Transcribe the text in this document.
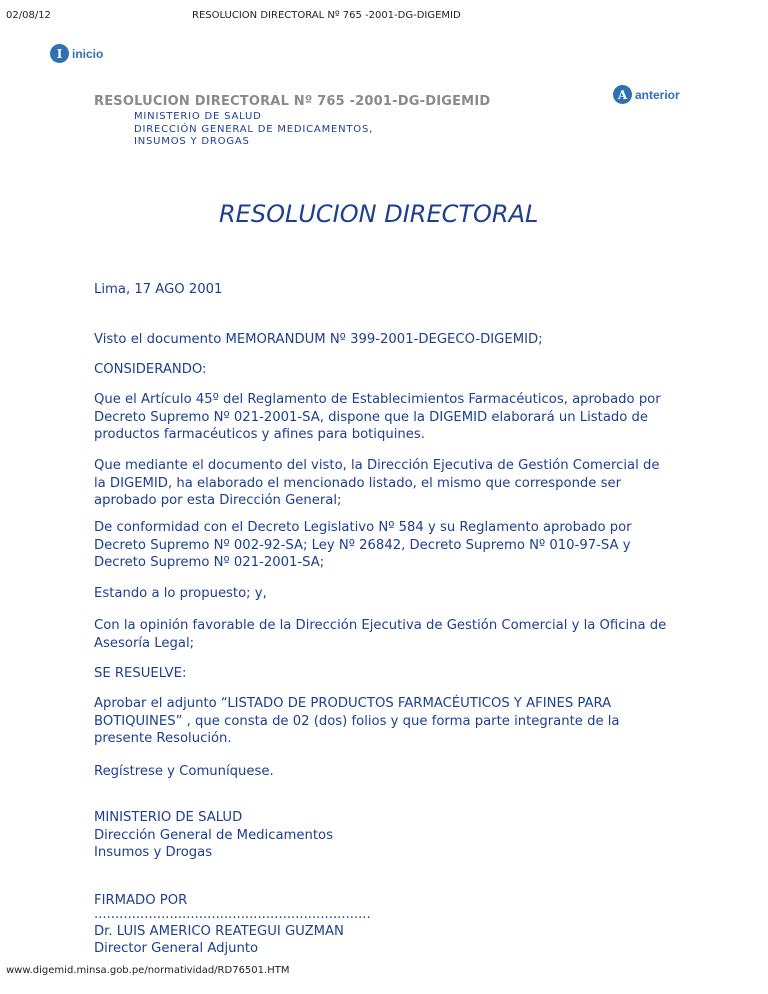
02/08/12	RESOLUCION DIRECTORAL Nº 765 -2001-DG-DIGEMID
I inicio
A anterior
RESOLUCION DIRECTORAL Nº 765 -2001-DG-DIGEMID
MINISTERIO DE SALUD
DIRECCIÓN GENERAL DE MEDICAMENTOS,
INSUMOS Y DROGAS
RESOLUCION DIRECTORAL
Lima, 17 AGO 2001
Visto el documento MEMORANDUM Nº 399-2001-DEGECO-DIGEMID;
CONSIDERANDO:

Que el Artículo 45º del Reglamento de Establecimientos Farmacéuticos, aprobado por

Decreto Supremo Nº 021-2001-SA, dispone que la DIGEMID elaborará un Listado de

productos farmacéuticos y afines para botiquines.

Que mediante el documento del visto, la Dirección Ejecutiva de Gestión Comercial de

la DIGEMID, ha elaborado el mencionado listado, el mismo que corresponde ser

aprobado por esta Dirección General;

De conformidad con el Decreto Legislativo Nº 584 y su Reglamento aprobado por

Decreto Supremo Nº 002-92-SA; Ley Nº 26842, Decreto Supremo Nº 010-97-SA y

Decreto Supremo Nº 021-2001-SA;

Estando a lo propuesto; y,

Con la opinión favorable de la Dirección Ejecutiva de Gestión Comercial y la Oficina de

Asesoría Legal;

SE RESUELVE:

Aprobar el adjunto “LISTADO DE PRODUCTOS FARMACÉUTICOS Y AFINES PARA

BOTIQUINES” , que consta de 02 (dos) folios y que forma parte integrante de la

presente Resolución.

Regístrese y Comuníquese.

MINISTERIO DE SALUD

Dirección General de Medicamentos

Insumos y Drogas

FIRMADO POR
..................................................................
Dr. LUIS AMERICO REATEGUI GUZMAN
Director General Adjunto
www.digemid.minsa.gob.pe/normatividad/RD76501.HTM
